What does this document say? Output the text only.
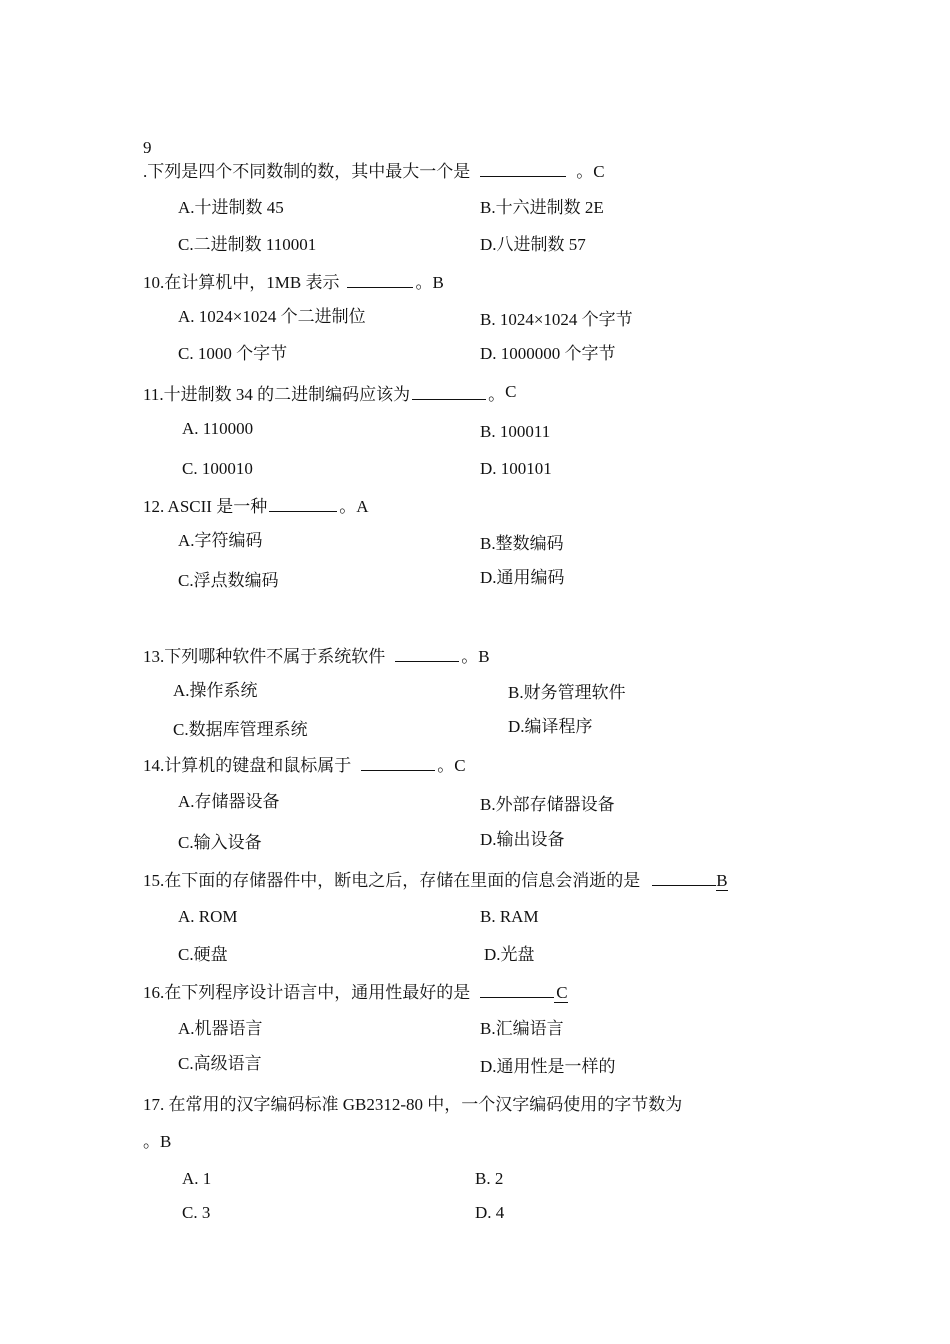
9
.下列是四个不同数制的数，其中最大一个是	。C
A.十进制数 45	B.十六进制数 2E
C.二进制数 110001	D.八进制数 57
10.在计算机中，1MB 表示	。B
A. 1024×1024 个二进制位	B. 1024×1024 个字节
C. 1000 个字节	D. 1000000 个字节
11.十进制数 34 的二进制编码应该为	。C
A. 110000	B. 100011
C. 100010	D. 100101
12. ASCII 是一种	。A
A.字符编码	B.整数编码
C.浮点数编码	D.通用编码
13.下列哪种软件不属于系统软件	。B
A.操作系统	B.财务管理软件
C.数据库管理系统	D.编译程序
14.计算机的键盘和鼠标属于	。C
A.存储器设备	B.外部存储器设备
C.输入设备	D.输出设备
15.在下面的存储器件中，断电之后，存储在里面的信息会消逝的是	B
A. ROM	B. RAM
C.硬盘	D.光盘
16.在下列程序设计语言中，通用性最好的是	C
A.机器语言	B.汇编语言
C.高级语言	D.通用性是一样的
17. 在常用的汉字编码标准 GB2312-80 中，一个汉字编码使用的字节数为
。B
A. 1	B. 2
C. 3	D. 4
